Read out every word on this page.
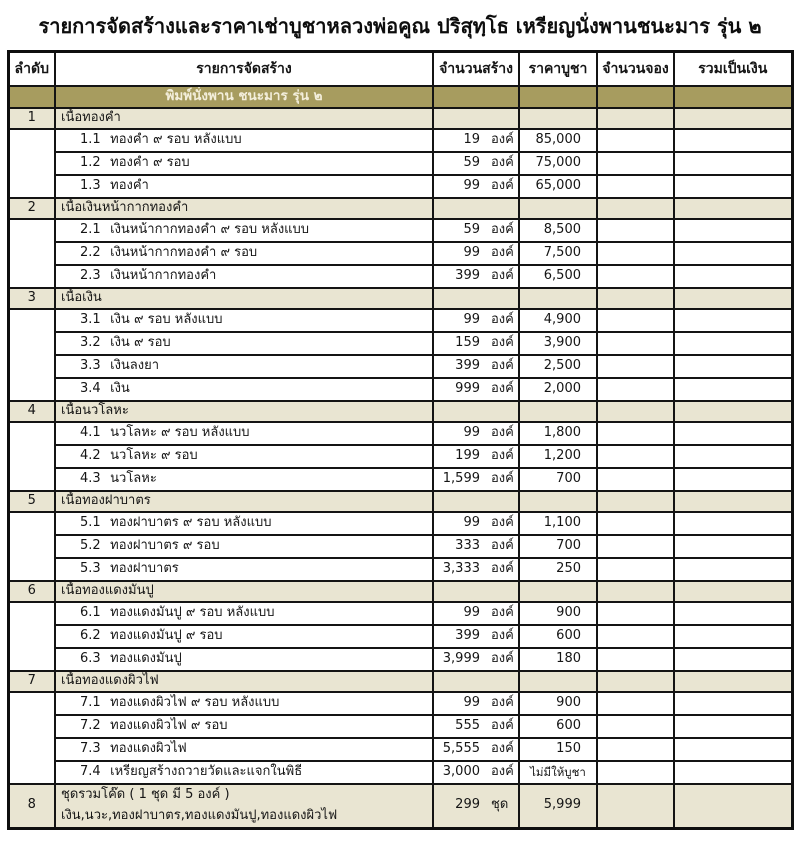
รายการจัดสร้างและราคาเช่าบูชาหลวงพ่อคูณ ปริสุทฺโธ เหรียญนั่งพานชนะมาร รุ่น ๒
ลำดับ	รายการจัดสร้าง	จำนวนสร้าง	ราคาบูชา	จำนวนจอง	รวมเป็นเงิน
	พิมพ์นั่งพาน ชนะมาร รุ่น ๒				
1	เนื้อทองคำ				
	1.1 ทองคำ ๙ รอบ หลังแบบ	19 องค์	85,000		
	1.2 ทองคำ ๙ รอบ	59 องค์	75,000		
	1.3 ทองคำ	99 องค์	65,000		
2	เนื้อเงินหน้ากากทองคำ				
	2.1 เงินหน้ากากทองคำ ๙ รอบ หลังแบบ	59 องค์	8,500		
	2.2 เงินหน้ากากทองคำ ๙ รอบ	99 องค์	7,500		
	2.3 เงินหน้ากากทองคำ	399 องค์	6,500		
3	เนื้อเงิน				
	3.1 เงิน ๙ รอบ หลังแบบ	99 องค์	4,900		
	3.2 เงิน ๙ รอบ	159 องค์	3,900		
	3.3 เงินลงยา	399 องค์	2,500		
	3.4 เงิน	999 องค์	2,000		
4	เนื้อนวโลหะ				
	4.1 นวโลหะ ๙ รอบ หลังแบบ	99 องค์	1,800		
	4.2 นวโลหะ ๙ รอบ	199 องค์	1,200		
	4.3 นวโลหะ	1,599 องค์	700		
5	เนื้อทองฝาบาตร				
	5.1 ทองฝาบาตร ๙ รอบ หลังแบบ	99 องค์	1,100		
	5.2 ทองฝาบาตร ๙ รอบ	333 องค์	700		
	5.3 ทองฝาบาตร	3,333 องค์	250		
6	เนื้อทองแดงมันปู				
	6.1 ทองแดงมันปู ๙ รอบ หลังแบบ	99 องค์	900		
	6.2 ทองแดงมันปู ๙ รอบ	399 องค์	600		
	6.3 ทองแดงมันปู	3,999 องค์	180		
7	เนื้อทองแดงผิวไฟ				
	7.1 ทองแดงผิวไฟ ๙ รอบ หลังแบบ	99 องค์	900		
	7.2 ทองแดงผิวไฟ ๙ รอบ	555 องค์	600		
	7.3 ทองแดงผิวไฟ	5,555 องค์	150		
	7.4 เหรียญสร้างถวายวัดและแจกในพิธี	3,000 องค์	ไม่มีให้บูชา		
8	ชุดรวมโค๊ด ( 1 ชุด มี 5 องค์ )
เงิน,นวะ,ทองฝาบาตร,ทองแดงมันปู,ทองแดงผิวไฟ	299 ชุด	5,999		
